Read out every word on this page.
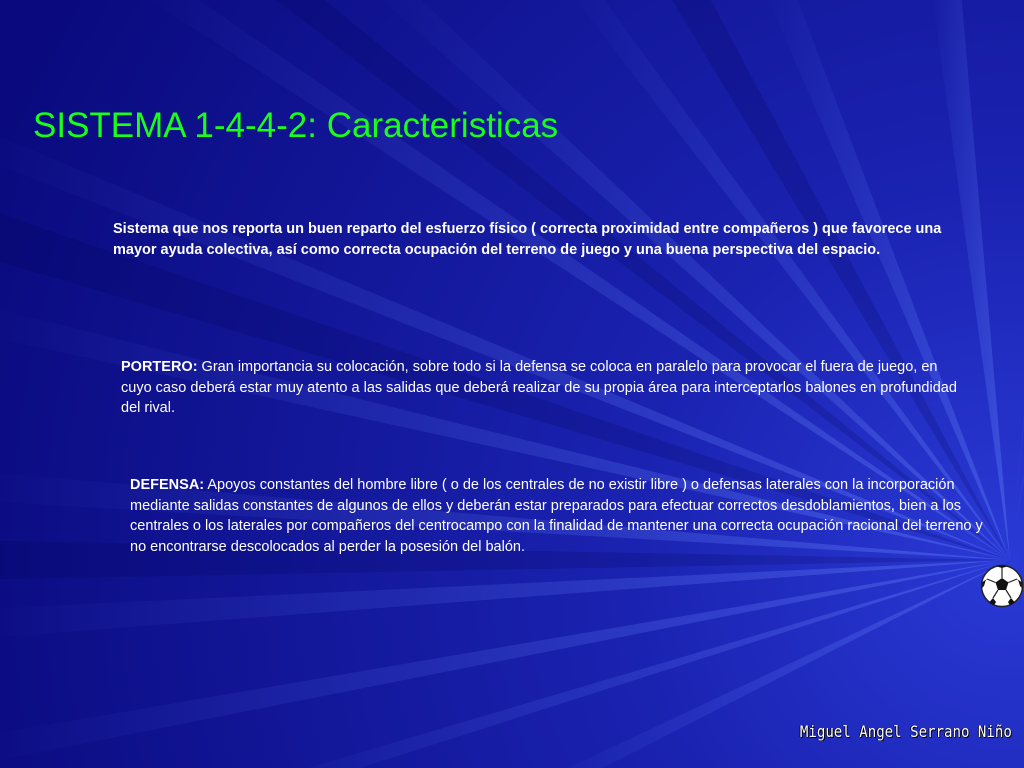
SISTEMA 1-4-4-2: Caracteristicas

Sistema que nos reporta un buen reparto del esfuerzo físico ( correcta proximidad entre compañeros ) que favorece una mayor ayuda colectiva, así como correcta ocupación del terreno de juego y una buena perspectiva del espacio.

PORTERO: Gran importancia su colocación, sobre todo si la defensa se coloca en paralelo para provocar el fuera de juego, en cuyo caso deberá estar muy atento a las salidas que deberá realizar de su propia área para interceptarlos balones en profundidad del rival.

DEFENSA: Apoyos constantes del hombre libre ( o de los centrales de no existir libre ) o defensas laterales con la incorporación mediante salidas constantes de algunos de ellos y deberán estar preparados para efectuar correctos desdoblamientos, bien a los centrales o los laterales por compañeros del centrocampo con la finalidad de mantener una correcta ocupación racional del terreno y no encontrarse descolocados al perder la posesión del balón.

Miguel Angel Serrano Niño
